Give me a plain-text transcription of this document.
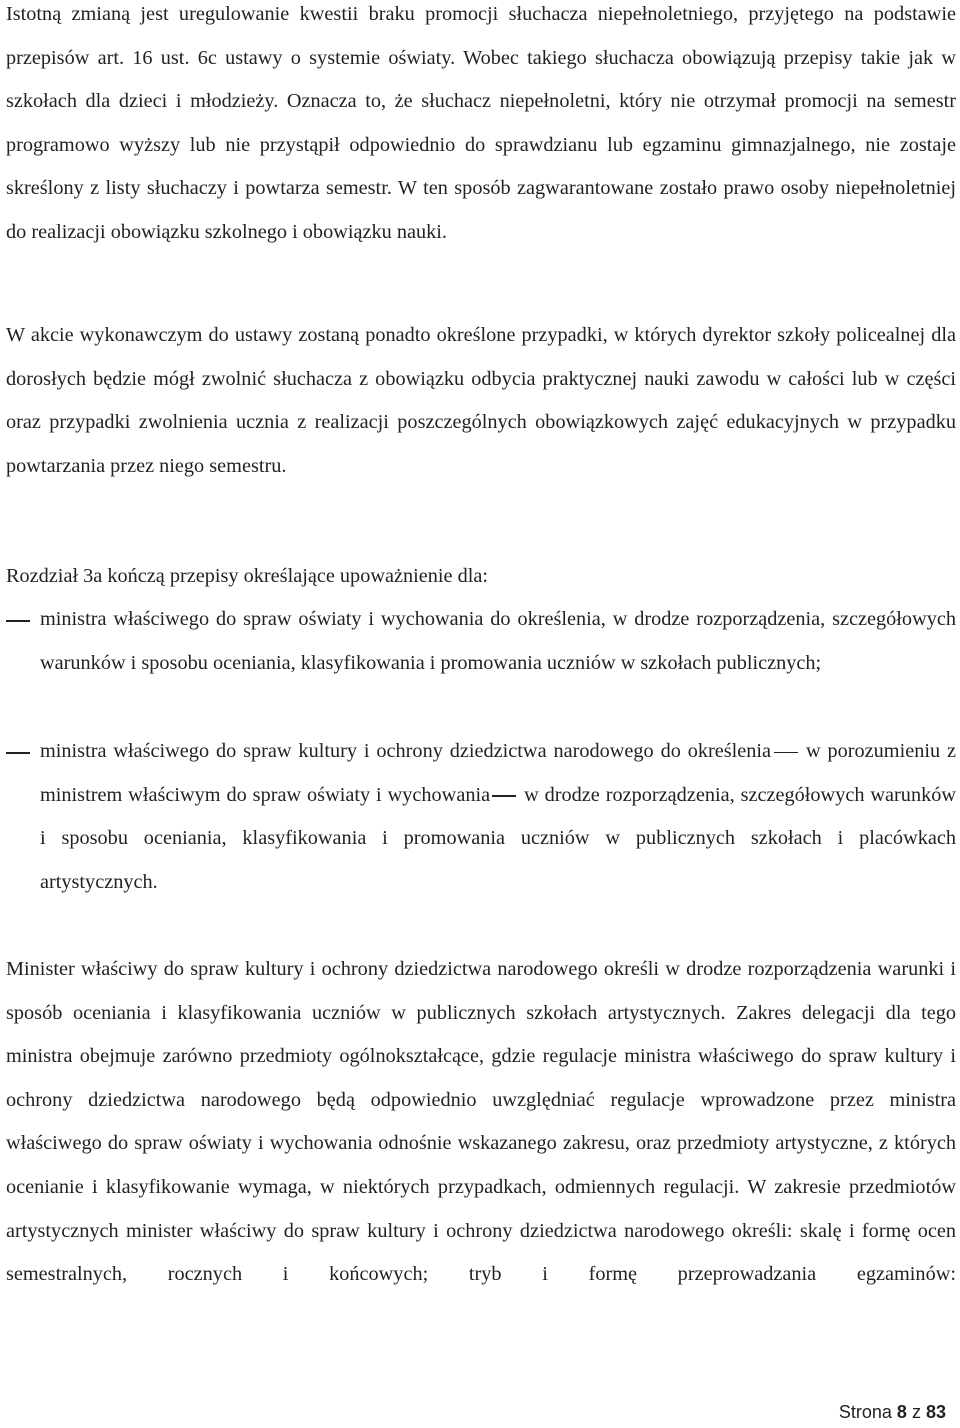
Istotną zmianą jest uregulowanie kwestii braku promocji słuchacza niepełnoletniego, przyjętego na podstawie przepisów art. 16 ust. 6c ustawy o systemie oświaty. Wobec takiego słuchacza obowiązują przepisy takie jak w szkołach dla dzieci i młodzieży. Oznacza to, że słuchacz niepełnoletni, który nie otrzymał promocji na semestr programowo wyższy lub nie przystąpił odpowiednio do sprawdzianu lub egzaminu gimnazjalnego, nie zostaje skreślony z listy słuchaczy i powtarza semestr. W ten sposób zagwarantowane zostało prawo osoby niepełnoletniej do realizacji obowiązku szkolnego i obowiązku nauki.

W akcie wykonawczym do ustawy zostaną ponadto określone przypadki, w których dyrektor szkoły policealnej dla dorosłych będzie mógł zwolnić słuchacza z obowiązku odbycia praktycznej nauki zawodu w całości lub w części oraz przypadki zwolnienia ucznia z realizacji poszczególnych obowiązkowych zajęć edukacyjnych w przypadku powtarzania przez niego semestru.

Rozdział 3a kończą przepisy określające upoważnienie dla:

ministra właściwego do spraw oświaty i wychowania do określenia, w drodze rozporządzenia, szczegółowych warunków i sposobu oceniania, klasyfikowania i promowania uczniów w szkołach publicznych;
ministra właściwego do spraw kultury i ochrony dziedzictwa narodowego do określenia w porozumieniu z ministrem właściwym do spraw oświaty i wychowania w drodze rozporządzenia, szczegółowych warunków i sposobu oceniania, klasyfikowania i promowania uczniów w publicznych szkołach i placówkach artystycznych.

Minister właściwy do spraw kultury i ochrony dziedzictwa narodowego określi w drodze rozporządzenia warunki i sposób oceniania i klasyfikowania uczniów w publicznych szkołach artystycznych. Zakres delegacji dla tego ministra obejmuje zarówno przedmioty ogólnokształcące, gdzie regulacje ministra właściwego do spraw kultury i ochrony dziedzictwa narodowego będą odpowiednio uwzględniać regulacje wprowadzone przez ministra właściwego do spraw oświaty i wychowania odnośnie wskazanego zakresu, oraz przedmioty artystyczne, z których ocenianie i klasyfikowanie wymaga, w niektórych przypadkach, odmiennych regulacji. W zakresie przedmiotów artystycznych minister właściwy do spraw kultury i ochrony dziedzictwa narodowego określi: skalę i formę ocen semestralnych, rocznych i końcowych; tryb i formę przeprowadzania egzaminów:

Strona 8 z 83
